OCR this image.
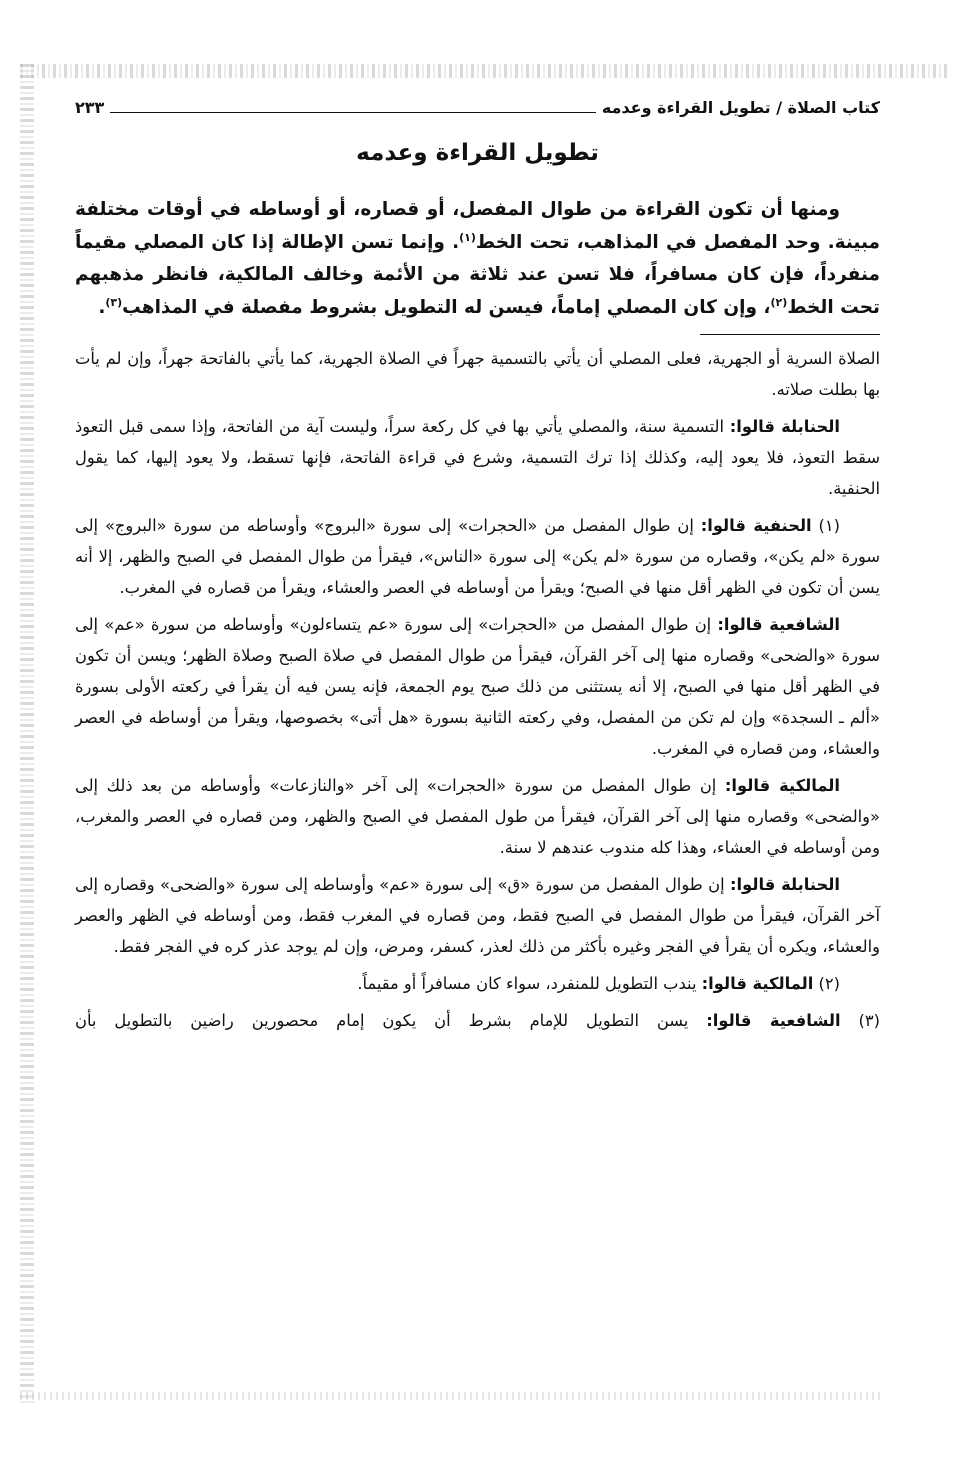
كتاب الصلاة / تطويل القراءة وعدمه
٢٣٣
تطويل القراءة وعدمه

ومنها أن تكون القراءة من طوال المفصل، أو قصاره، أو أوساطه في أوقات مختلفة مبينة. وحد المفصل في المذاهب، تحت الخط$^{(١)}$. وإنما تسن الإطالة إذا كان المصلي مقيماً منفرداً، فإن كان مسافراً، فلا تسن عند ثلاثة من الأئمة وخالف المالكية، فانظر مذهبهم تحت الخط$^{(٢)}$، وإن كان المصلي إماماً، فيسن له التطويل بشروط مفصلة في المذاهب$^{(٣)}$.

الصلاة السرية أو الجهرية، فعلى المصلي أن يأتي بالتسمية جهراً في الصلاة الجهرية، كما يأتي بالفاتحة جهراً، وإن لم يأت بها بطلت صلاته.

الحنابلة قالوا: التسمية سنة، والمصلي يأتي بها في كل ركعة سراً، وليست آية من الفاتحة، وإذا سمى قبل التعوذ سقط التعوذ، فلا يعود إليه، وكذلك إذا ترك التسمية، وشرع في قراءة الفاتحة، فإنها تسقط، ولا يعود إليها، كما يقول الحنفية.

(١) الحنفية قالوا: إن طوال المفصل من «الحجرات» إلى سورة «البروج» وأوساطه من سورة «البروج» إلى سورة «لم يكن»، وقصاره من سورة «لم يكن» إلى سورة «الناس»، فيقرأ من طوال المفصل في الصبح والظهر، إلا أنه يسن أن تكون في الظهر أقل منها في الصبح؛ ويقرأ من أوساطه في العصر والعشاء، ويقرأ من قصاره في المغرب.

الشافعية قالوا: إن طوال المفصل من «الحجرات» إلى سورة «عم يتساءلون» وأوساطه من سورة «عم» إلى سورة «والضحى» وقصاره منها إلى آخر القرآن، فيقرأ من طوال المفصل في صلاة الصبح وصلاة الظهر؛ ويسن أن تكون في الظهر أقل منها في الصبح، إلا أنه يستثنى من ذلك صبح يوم الجمعة، فإنه يسن فيه أن يقرأ في ركعته الأولى بسورة «ألم ـ السجدة» وإن لم تكن من المفصل، وفي ركعته الثانية بسورة «هل أتى» بخصوصها، ويقرأ من أوساطه في العصر والعشاء، ومن قصاره في المغرب.

المالكية قالوا: إن طوال المفصل من سورة «الحجرات» إلى آخر «والنازعات» وأوساطه من بعد ذلك إلى «والضحى» وقصاره منها إلى آخر القرآن، فيقرأ من طول المفصل في الصبح والظهر، ومن قصاره في العصر والمغرب، ومن أوساطه في العشاء، وهذا كله مندوب عندهم لا سنة.

الحنابلة قالوا: إن طوال المفصل من سورة «ق» إلى سورة «عم» وأوساطه إلى سورة «والضحى» وقصاره إلى آخر القرآن، فيقرأ من طوال المفصل في الصبح فقط، ومن قصاره في المغرب فقط، ومن أوساطه في الظهر والعصر والعشاء، ويكره أن يقرأ في الفجر وغيره بأكثر من ذلك لعذر، كسفر، ومرض، وإن لم يوجد عذر كره في الفجر فقط.

(٢) المالكية قالوا: يندب التطويل للمنفرد، سواء كان مسافراً أو مقيماً.

(٣) الشافعية قالوا: يسن التطويل للإمام بشرط أن يكون إمام محصورين راضين بالتطويل بأن
